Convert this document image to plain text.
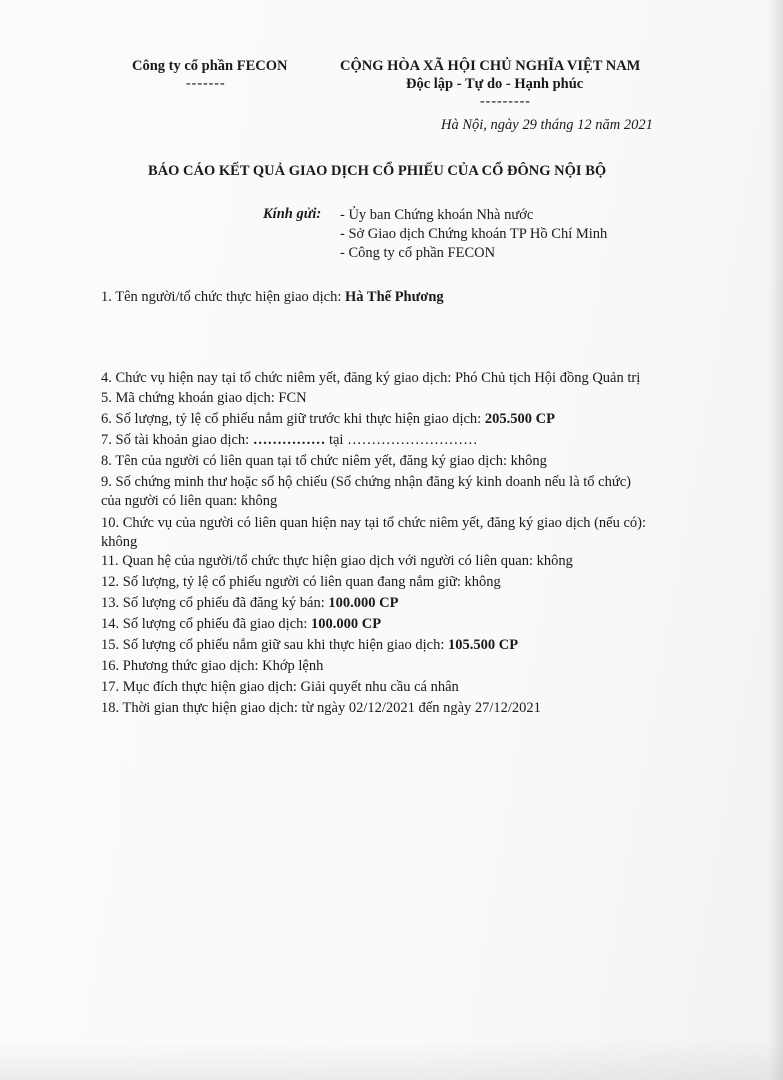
Công ty cổ phần FECON
-------
CỘNG HÒA XÃ HỘI CHỦ NGHĨA VIỆT NAM
Độc lập - Tự do - Hạnh phúc
---------
Hà Nội, ngày 29 tháng 12 năm 2021
BÁO CÁO KẾT QUẢ GIAO DỊCH CỔ PHIẾU CỦA CỔ ĐÔNG NỘI BỘ
Kính gửi: - Ủy ban Chứng khoán Nhà nước
- Sở Giao dịch Chứng khoán TP Hồ Chí Minh
- Công ty cổ phần FECON
1. Tên người/tổ chức thực hiện giao dịch: Hà Thế Phương
4. Chức vụ hiện nay tại tổ chức niêm yết, đăng ký giao dịch: Phó Chủ tịch Hội đồng Quản trị
5. Mã chứng khoán giao dịch: FCN
6. Số lượng, tỷ lệ cổ phiếu nắm giữ trước khi thực hiện giao dịch: 205.500 CP
7. Số tài khoản giao dịch: …………… tại ………………………
8. Tên của người có liên quan tại tổ chức niêm yết, đăng ký giao dịch: không
9. Số chứng minh thư hoặc số hộ chiếu (Số chứng nhận đăng ký kinh doanh nếu là tổ chức)
của người có liên quan: không
10. Chức vụ của người có liên quan hiện nay tại tổ chức niêm yết, đăng ký giao dịch (nếu có):
không
11. Quan hệ của người/tổ chức thực hiện giao dịch với người có liên quan: không
12. Số lượng, tỷ lệ cổ phiếu người có liên quan đang nắm giữ: không
13. Số lượng cổ phiếu đã đăng ký bán: 100.000 CP
14. Số lượng cổ phiếu đã giao dịch: 100.000 CP
15. Số lượng cổ phiếu nắm giữ sau khi thực hiện giao dịch: 105.500 CP
16. Phương thức giao dịch: Khớp lệnh
17. Mục đích thực hiện giao dịch: Giải quyết nhu cầu cá nhân
18. Thời gian thực hiện giao dịch: từ ngày 02/12/2021 đến ngày 27/12/2021
